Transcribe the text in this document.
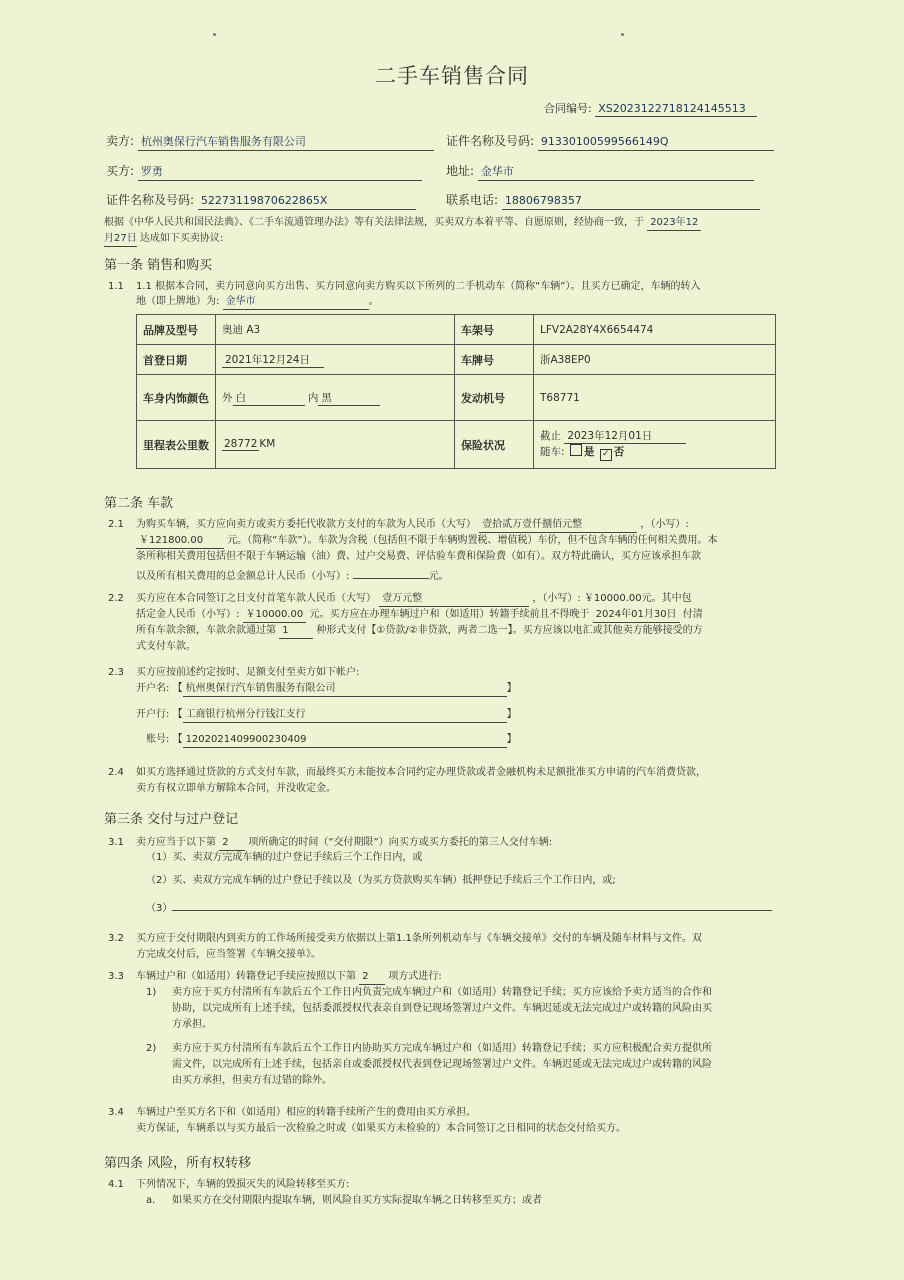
二手车销售合同
合同编号: XS2023122718124145513
卖方: 杭州奥保行汽车销售服务有限公司	证件名称及号码: 91330100599566149Q
买方: 罗勇	地址: 金华市
证件名称及号码: 52273119870622865X	联系电话: 18806798357
根据《中华人民共和国民法典》、《二手车流通管理办法》等有关法律法规，买卖双方本着平等、自愿原则，经协商一致，于 2023年12
月27日 达成如下买卖协议:
第一条 销售和购买
1.1 1.1 根据本合同，卖方同意向买方出售、买方同意向卖方购买以下所列的二手机动车（简称“车辆”）。且买方已确定，车辆的转入
地（即上牌地）为: 金华市	。
品牌及型号	奥迪 A3	车架号	LFV2A28Y4X6654474
首登日期	2021年12月24日	车牌号	浙A38EP0
车身内饰颜色	外 白 内 黑	发动机号	T68771
里程表公里数	28772 KM	保险状况	截止 2023年12月01日
随车: 是 ✓ 否
第二条 车款
2.1 为购买车辆，买方应向卖方或卖方委托代收款方支付的车款为人民币（大写） 壹拾贰万壹仟捌佰元整	，（小写）:
￥121800.00 元。（简称“车款”）。车款为含税（包括但不限于车辆购置税、增值税）车价，但不包含车辆的任何相关费用。本
条所称相关费用包括但不限于车辆运输（油）费、过户交易费、评估验车费和保险费（如有）。双方特此确认，买方应该承担车款
以及所有相关费用的总金额总计人民币（小写）:	元。
2.2 买方应在本合同签订之日支付首笔车款人民币（大写） 壹万元整	，（小写）: ￥10000.00元。其中包
括定金人民币（小写）: ￥10000.00 元。买方应在办理车辆过户和（如适用）转籍手续前且不得晚于 2024年01月30日 付清
所有车款余额，车款余款通过第 1	种形式支付【①贷款/②非贷款，两者二选一】。买方应该以电汇或其他卖方能够接受的方
式支付车款。
2.3 买方应按前述约定按时、足额支付至卖方如下帐户:
开户名: 【 杭州奥保行汽车销售服务有限公司	】
开户行: 【 工商银行杭州分行钱江支行	】
账号: 【 1202021409900230409	】
2.4 如买方选择通过贷款的方式支付车款，而最终买方未能按本合同约定办理贷款或者金融机构未足额批准买方申请的汽车消费贷款，
卖方有权立即单方解除本合同，并没收定金。
第三条 交付与过户登记
3.1 卖方应当于以下第 2 项所确定的时间（“交付期限”）向买方或买方委托的第三人交付车辆:
（1）买、卖双方完成车辆的过户登记手续后三个工作日内，或
（2）买、卖双方完成车辆的过户登记手续以及（为买方贷款购买车辆）抵押登记手续后三个工作日内，或;
（3）
3.2 买方应于交付期限内到卖方的工作场所接受卖方依据以上第1.1条所列机动车与《车辆交接单》交付的车辆及随车材料与文件。双
方完成交付后，应当签署《车辆交接单》。
3.3 车辆过户和（如适用）转籍登记手续应按照以下第 2 项方式进行:
1) 卖方应于买方付清所有车款后五个工作日内负责完成车辆过户和（如适用）转籍登记手续；买方应该给予卖方适当的合作和
协助，以完成所有上述手续，包括委派授权代表亲自到登记现场签署过户文件。车辆迟延或无法完成过户或转籍的风险由买
方承担。
2) 卖方应于买方付清所有车款后五个工作日内协助买方完成车辆过户和（如适用）转籍登记手续；买方应积极配合卖方提供所
需文件，以完成所有上述手续，包括亲自或委派授权代表到登记现场签署过户文件。车辆迟延或无法完成过户或转籍的风险
由买方承担，但卖方有过错的除外。
3.4 车辆过户至买方名下和（如适用）相应的转籍手续所产生的费用由买方承担。
卖方保证，车辆系以与买方最后一次检验之时或（如果买方未检验的）本合同签订之日相同的状态交付给买方。
第四条 风险，所有权转移
4.1 下列情况下，车辆的毁损灭失的风险转移至买方:
a. 如果买方在交付期限内提取车辆，则风险自买方实际提取车辆之日转移至买方；或者
